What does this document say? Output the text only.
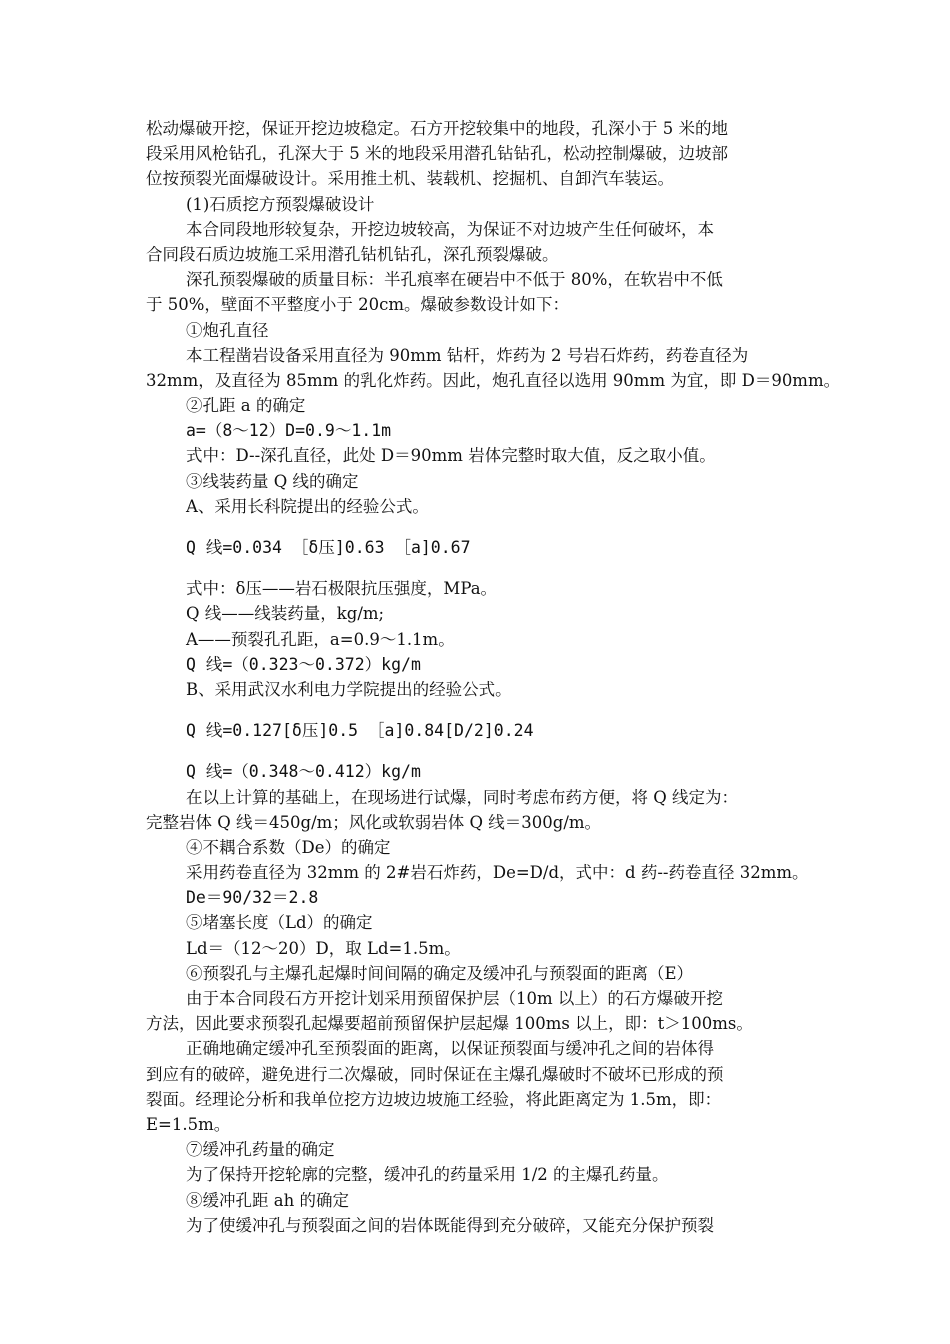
松动爆破开挖，保证开挖边坡稳定。石方开挖较集中的地段，孔深小于 5 米的地
段采用风枪钻孔，孔深大于 5 米的地段采用潜孔钻钻孔，松动控制爆破，边坡部
位按预裂光面爆破设计。采用推土机、装载机、挖掘机、自卸汽车装运。
(1)石质挖方预裂爆破设计
本合同段地形较复杂，开挖边坡较高，为保证不对边坡产生任何破坏，本
合同段石质边坡施工采用潜孔钻机钻孔，深孔预裂爆破。
深孔预裂爆破的质量目标：半孔痕率在硬岩中不低于 80%，在软岩中不低
于 50%，壁面不平整度小于 20cm。爆破参数设计如下：
①炮孔直径
本工程凿岩设备采用直径为 90mm 钻杆，炸药为 2 号岩石炸药，药卷直径为
32mm，及直径为 85mm 的乳化炸药。因此，炮孔直径以选用 90mm 为宜，即 D＝90mm。
②孔距 a 的确定
a=（8～12）D=0.9～1.1m
式中：D--深孔直径，此处 D＝90mm 岩体完整时取大值，反之取小值。
③线装药量 Q 线的确定
A、采用长科院提出的经验公式。
Q 线=0.034 ［δ压]0.63 ［a]0.67
式中：δ压——岩石极限抗压强度，MPa。
Q 线——线装药量，kg/m;
A——预裂孔孔距，a=0.9～1.1m。
Q 线=（0.323～0.372）kg/m
B、采用武汉水利电力学院提出的经验公式。
Q 线=0.127[δ压]0.5 ［a]0.84[D/2]0.24
Q 线=（0.348～0.412）kg/m
在以上计算的基础上，在现场进行试爆，同时考虑布药方便，将 Q 线定为：
完整岩体 Q 线＝450g/m；风化或软弱岩体 Q 线＝300g/m。
④不耦合系数（De）的确定
采用药卷直径为 32mm 的 2#岩石炸药，De=D/d，式中：d 药--药卷直径 32mm。
De＝90/32＝2.8
⑤堵塞长度（Ld）的确定
Ld＝（12～20）D，取 Ld=1.5m。
⑥预裂孔与主爆孔起爆时间间隔的确定及缓冲孔与预裂面的距离（E）
由于本合同段石方开挖计划采用预留保护层（10m 以上）的石方爆破开挖
方法，因此要求预裂孔起爆要超前预留保护层起爆 100ms 以上，即：t＞100ms。
正确地确定缓冲孔至预裂面的距离，以保证预裂面与缓冲孔之间的岩体得
到应有的破碎，避免进行二次爆破，同时保证在主爆孔爆破时不破坏已形成的预
裂面。经理论分析和我单位挖方边坡边坡施工经验，将此距离定为 1.5m，即：
E=1.5m。
⑦缓冲孔药量的确定
为了保持开挖轮廓的完整，缓冲孔的药量采用 1/2 的主爆孔药量。
⑧缓冲孔距 ah 的确定
为了使缓冲孔与预裂面之间的岩体既能得到充分破碎，又能充分保护预裂
